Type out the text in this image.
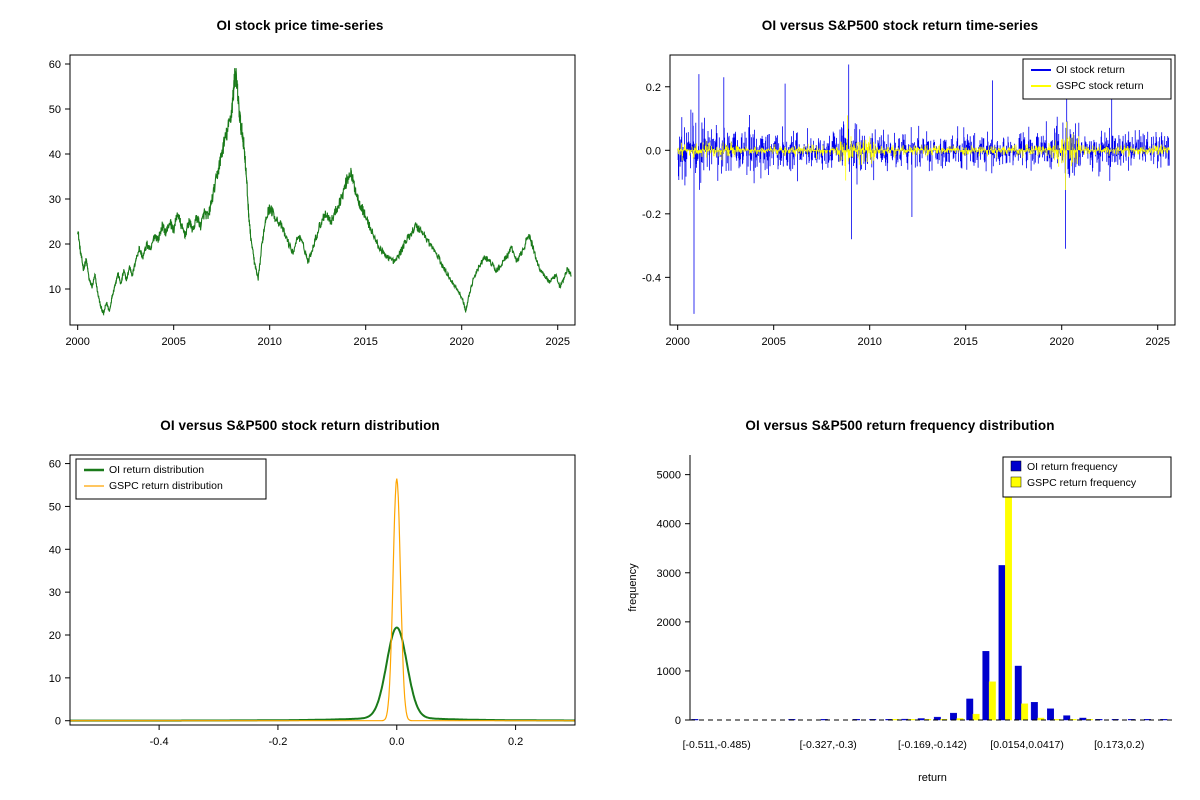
OI stock price time-series
10
20
30
40
50
60
2000	2005	2010	2015	2020	2025
OI versus S&P500 stock return time-series
-0.4
-0.2
0.0
0.2
2000	2005	2010	2015	2020	2025
OI stock return
GSPC stock return
OI versus S&P500 stock return distribution
0
10
20
30
40
50
60
-0.4	-0.2	0.0	0.2
OI return distribution
GSPC return distribution
OI versus S&P500 return frequency distribution
0
1000
2000
3000
4000
5000
frequency
return
[-0.511,-0.485)	[-0.327,-0.3)	[-0.169,-0.142) [0.0154,0.0417)	[0.173,0.2)
OI return frequency
GSPC return frequency
